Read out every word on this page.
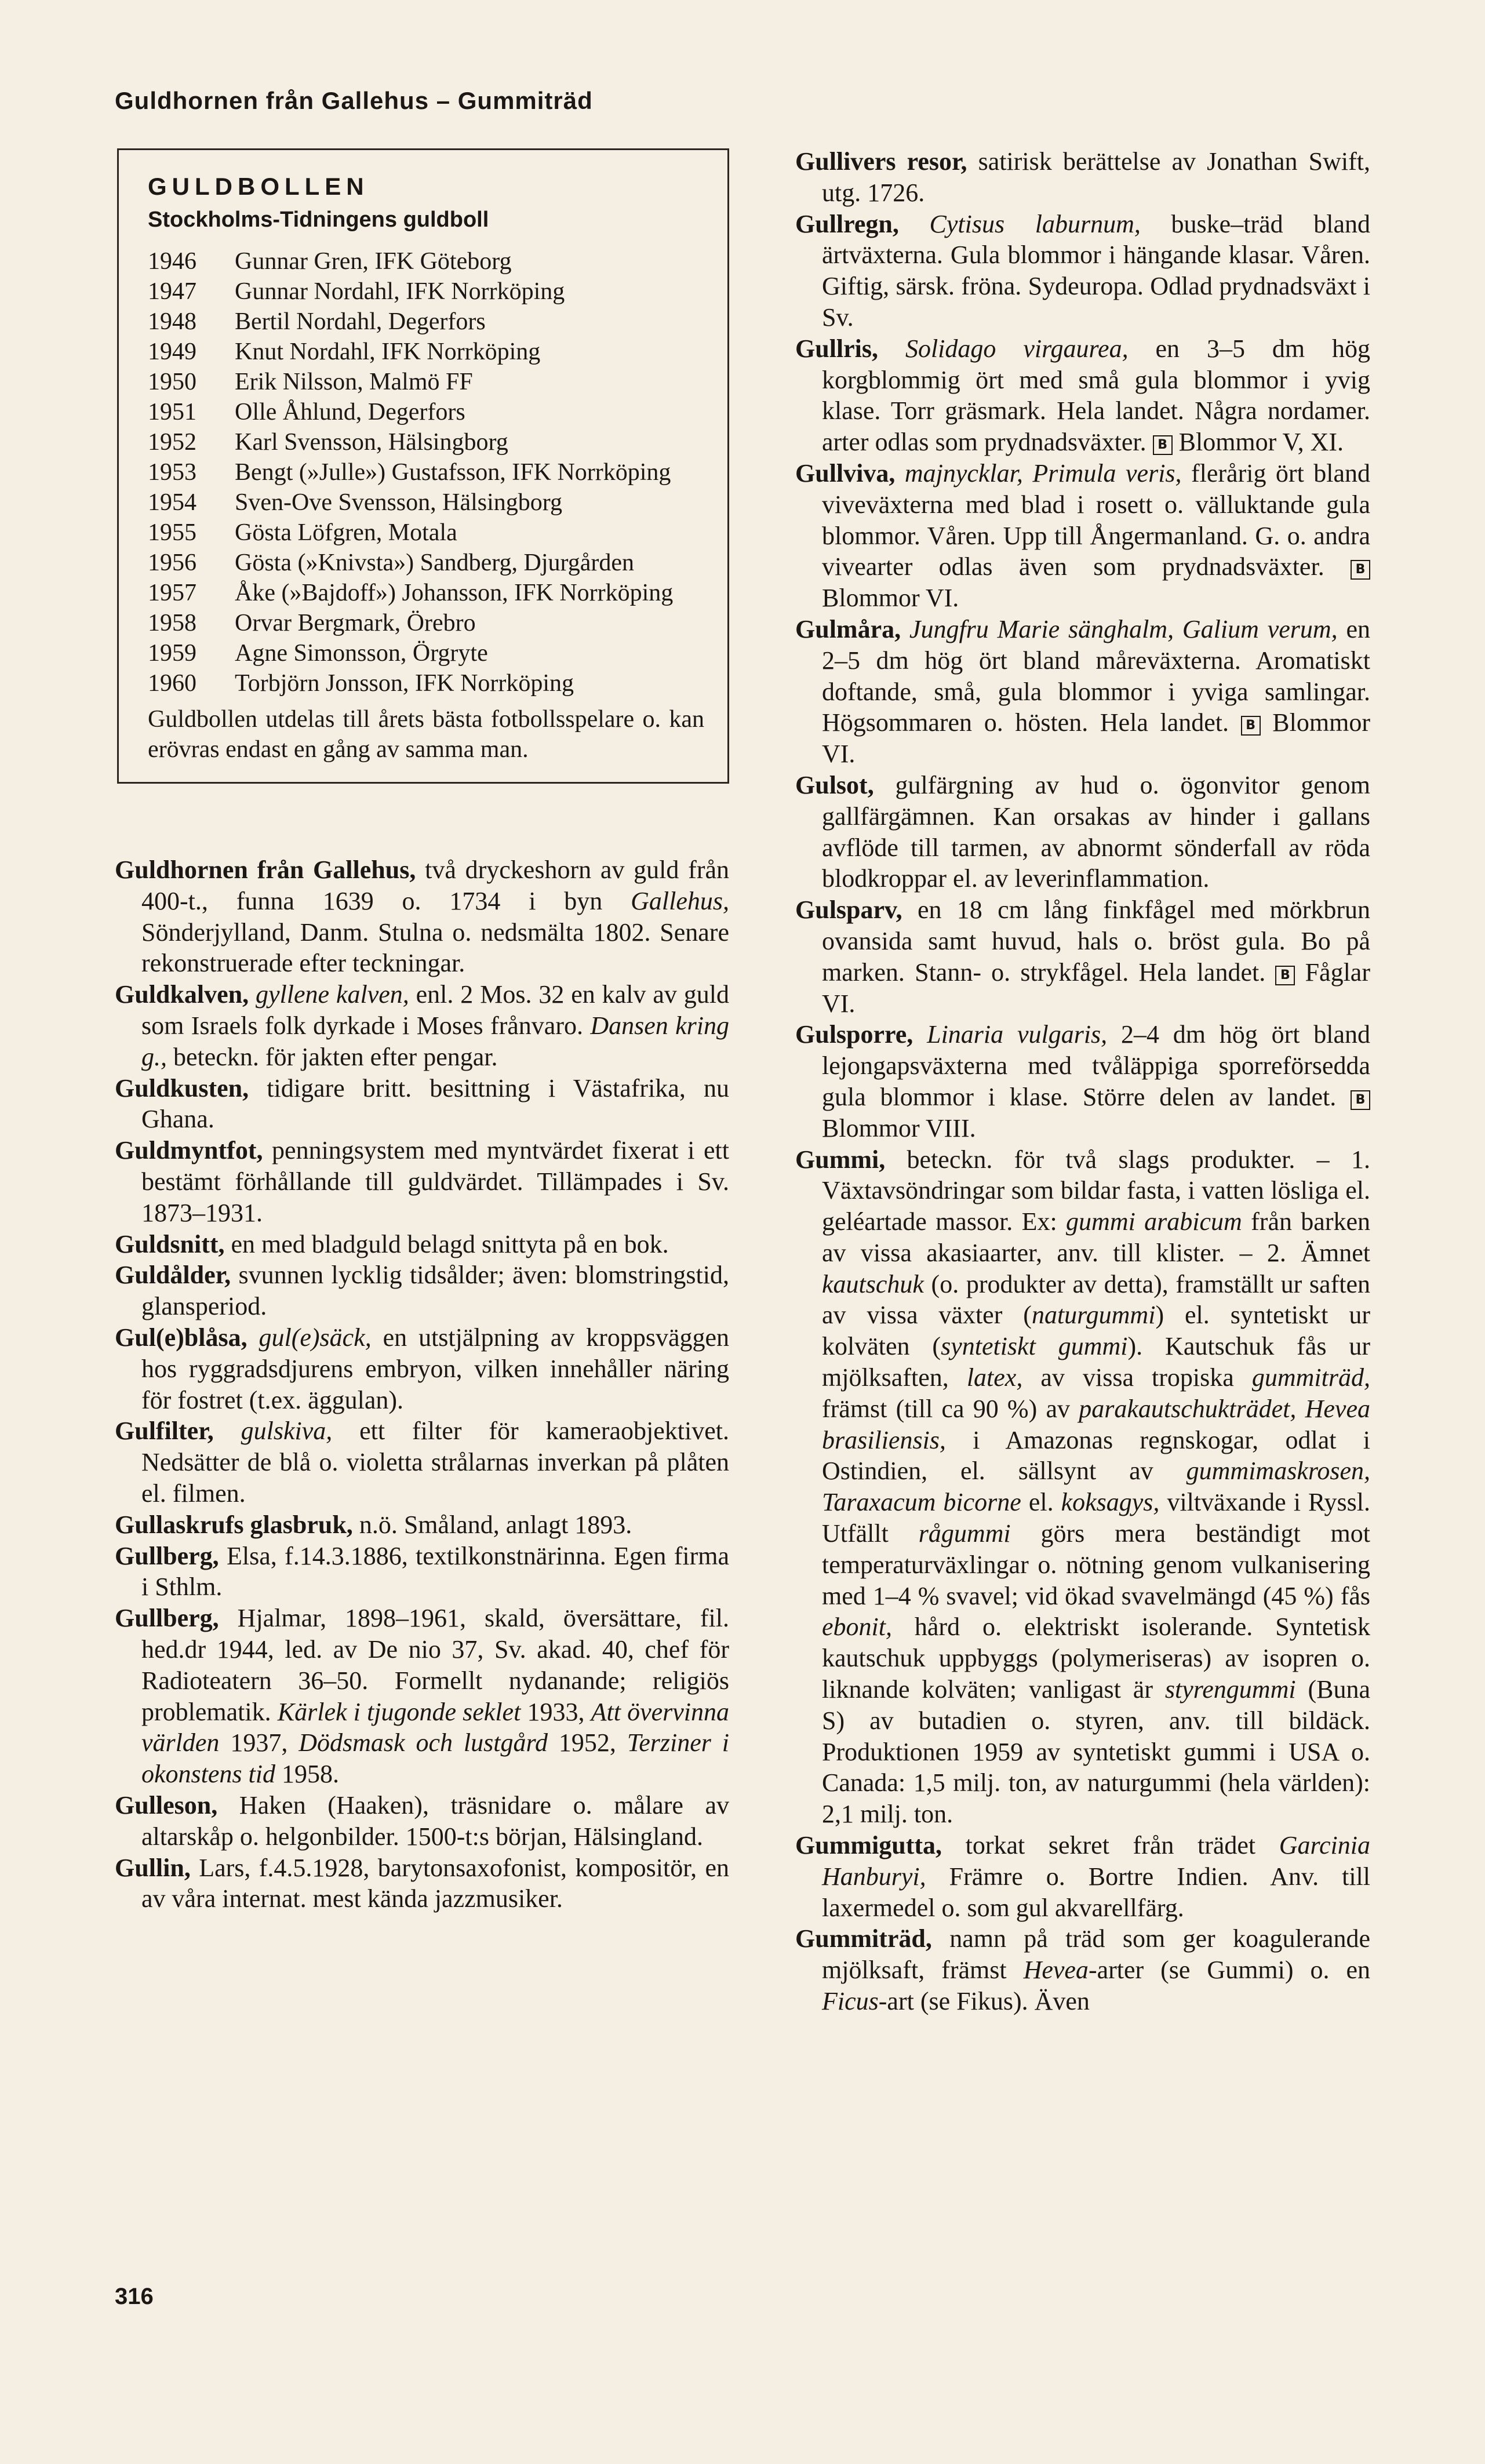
Guldhornen från Gallehus – Gummiträd
GULDBOLLEN
Stockholms-Tidningens guldboll
1946	Gunnar Gren, IFK Göteborg
1947	Gunnar Nordahl, IFK Norrköping
1948	Bertil Nordahl, Degerfors
1949	Knut Nordahl, IFK Norrköping
1950	Erik Nilsson, Malmö FF
1951	Olle Åhlund, Degerfors
1952	Karl Svensson, Hälsingborg
1953	Bengt (»Julle») Gustafsson, IFK Norrköping
1954	Sven-Ove Svensson, Hälsingborg
1955	Gösta Löfgren, Motala
1956	Gösta (»Knivsta») Sandberg, Djurgården
1957	Åke (»Bajdoff») Johansson, IFK Norrköping
1958	Orvar Bergmark, Örebro
1959	Agne Simonsson, Örgryte
1960	Torbjörn Jonsson, IFK Norrköping
Guldbollen utdelas till årets bästa fotbollsspelare o. kan erövras endast en gång av samma man.

Guldhornen från Gallehus, två dryckeshorn av guld från 400-t., funna 1639 o. 1734 i byn Gallehus, Sönderjylland, Danm. Stulna o. nedsmälta 1802. Senare rekonstruerade efter teckningar.

Guldkalven, gyllene kalven, enl. 2 Mos. 32 en kalv av guld som Israels folk dyrkade i Moses frånvaro. Dansen kring g., beteckn. för jakten efter pengar.

Guldkusten, tidigare britt. besittning i Västafrika, nu Ghana.

Guldmyntfot, penningsystem med myntvärdet fixerat i ett bestämt förhållande till guldvärdet. Tillämpades i Sv. 1873–1931.

Guldsnitt, en med bladguld belagd snittyta på en bok.

Guldålder, svunnen lycklig tidsålder; även: blomstringstid, glansperiod.

Gul(e)blåsa, gul(e)säck, en utstjälpning av kroppsväggen hos ryggradsdjurens embryon, vilken innehåller näring för fostret (t.ex. äggulan).

Gulfilter, gulskiva, ett filter för kameraobjektivet. Nedsätter de blå o. violetta strålarnas inverkan på plåten el. filmen.

Gullaskrufs glasbruk, n.ö. Småland, anlagt 1893.

Gullberg, Elsa, f.14.3.1886, textilkonstnärinna. Egen firma i Sthlm.

Gullberg, Hjalmar, 1898–1961, skald, översättare, fil. hed.dr 1944, led. av De nio 37, Sv. akad. 40, chef för Radioteatern 36–50. Formellt nydanande; religiös problematik. Kärlek i tjugonde seklet 1933, Att övervinna världen 1937, Dödsmask och lustgård 1952, Terziner i okonstens tid 1958.

Gulleson, Haken (Haaken), träsnidare o. målare av altarskåp o. helgonbilder. 1500-t:s början, Hälsingland.

Gullin, Lars, f.4.5.1928, barytonsaxofonist, kompositör, en av våra internat. mest kända jazzmusiker.

Gullivers resor, satirisk berättelse av Jonathan Swift, utg. 1726.

Gullregn, Cytisus laburnum, buske–träd bland ärtväxterna. Gula blommor i hängande klasar. Våren. Giftig, särsk. fröna. Sydeuropa. Odlad prydnadsväxt i Sv.

Gullris, Solidago virgaurea, en 3–5 dm hög korgblommig ört med små gula blommor i yvig klase. Torr gräsmark. Hela landet. Några nordamer. arter odlas som prydnadsväxter. B Blommor V, XI.

Gullviva, majnycklar, Primula veris, flerårig ört bland viveväxterna med blad i rosett o. välluktande gula blommor. Våren. Upp till Ångermanland. G. o. andra vivearter odlas även som prydnadsväxter. B Blommor VI.

Gulmåra, Jungfru Marie sänghalm, Galium verum, en 2–5 dm hög ört bland måreväxterna. Aromatiskt doftande, små, gula blommor i yviga samlingar. Högsommaren o. hösten. Hela landet. B Blommor VI.

Gulsot, gulfärgning av hud o. ögonvitor genom gallfärgämnen. Kan orsakas av hinder i gallans avflöde till tarmen, av abnormt sönderfall av röda blodkroppar el. av leverinflammation.

Gulsparv, en 18 cm lång finkfågel med mörkbrun ovansida samt huvud, hals o. bröst gula. Bo på marken. Stann- o. strykfågel. Hela landet. B Fåglar VI.

Gulsporre, Linaria vulgaris, 2–4 dm hög ört bland lejongapsväxterna med tvåläppiga sporreförsedda gula blommor i klase. Större delen av landet. B Blommor VIII.

Gummi, beteckn. för två slags produkter. – 1. Växtavsöndringar som bildar fasta, i vatten lösliga el. geléartade massor. Ex: gummi arabicum från barken av vissa akasiaarter, anv. till klister. – 2. Ämnet kautschuk (o. produkter av detta), framställt ur saften av vissa växter (naturgummi) el. syntetiskt ur kolväten (syntetiskt gummi). Kautschuk fås ur mjölksaften, latex, av vissa tropiska gummiträd, främst (till ca 90 %) av parakautschukträdet, Hevea brasiliensis, i Amazonas regnskogar, odlat i Ostindien, el. sällsynt av gummimaskrosen, Taraxacum bicorne el. koksagys, viltväxande i Ryssl. Utfällt rågummi görs mera beständigt mot temperaturväxlingar o. nötning genom vulkanisering med 1–4 % svavel; vid ökad svavelmängd (45 %) fås ebonit, hård o. elektriskt isolerande. Syntetisk kautschuk uppbyggs (polymeriseras) av isopren o. liknande kolväten; vanligast är styrengummi (Buna S) av butadien o. styren, anv. till bildäck. Produktionen 1959 av syntetiskt gummi i USA o. Canada: 1,5 milj. ton, av naturgummi (hela världen): 2,1 milj. ton.

Gummigutta, torkat sekret från trädet Garcinia Hanburyi, Främre o. Bortre Indien. Anv. till laxermedel o. som gul akvarellfärg.

Gummiträd, namn på träd som ger koagulerande mjölksaft, främst Hevea-arter (se Gummi) o. en Ficus-art (se Fikus). Även

316
